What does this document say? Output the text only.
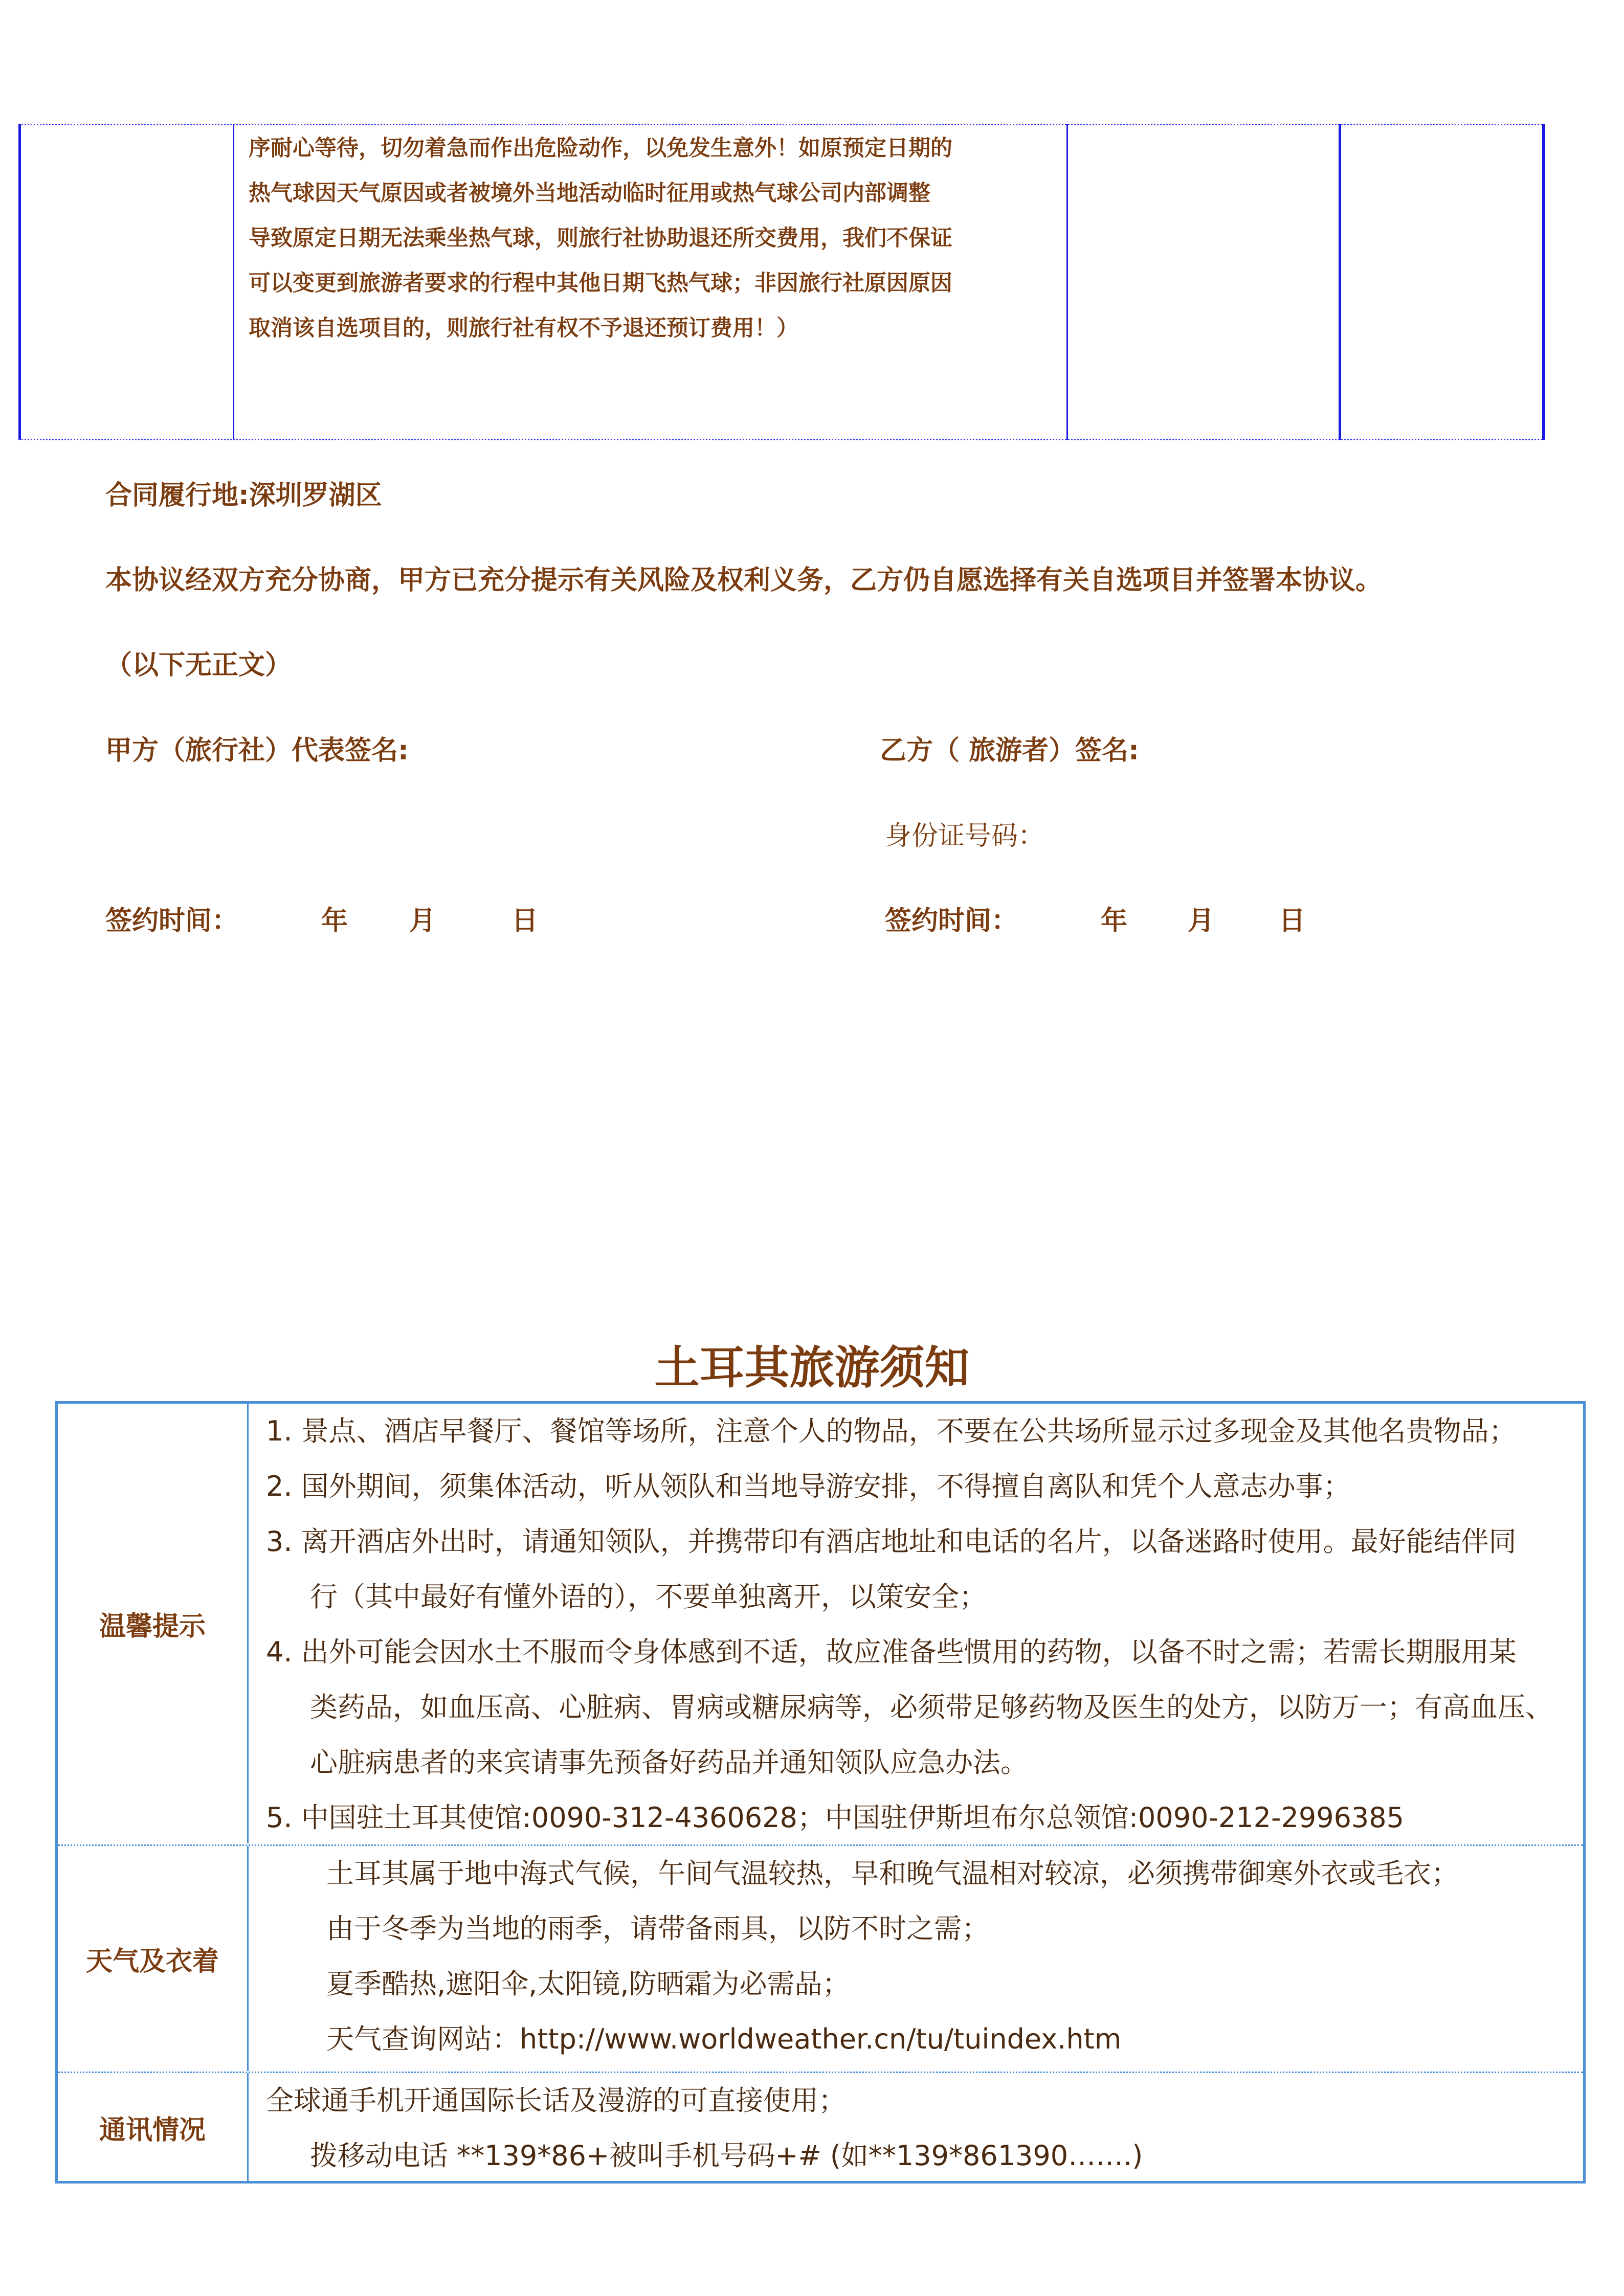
序耐心等待，切勿着急而作出危险动作，以免发生意外！如原预定日期的
热气球因天气原因或者被境外当地活动临时征用或热气球公司内部调整
导致原定日期无法乘坐热气球，则旅行社协助退还所交费用，我们不保证
可以变更到旅游者要求的行程中其他日期飞热气球；非因旅行社原因原因
取消该自选项目的，则旅行社有权不予退还预订费用！）
合同履行地:深圳罗湖区
本协议经双方充分协商，甲方已充分提示有关风险及权利义务，乙方仍自愿选择有关自选项目并签署本协议。
（以下无正文）
甲方（旅行社）代表签名:	乙方（ 旅游者）签名:
身份证号码：
签约时间：	年 月	日	签约时间：	年 月 日
土耳其旅游须知
温馨提示
1. 景点、酒店早餐厅、餐馆等场所，注意个人的物品，不要在公共场所显示过多现金及其他名贵物品；
2. 国外期间，须集体活动，听从领队和当地导游安排，不得擅自离队和凭个人意志办事；
3. 离开酒店外出时，请通知领队，并携带印有酒店地址和电话的名片，以备迷路时使用。最好能结伴同
行（其中最好有懂外语的），不要单独离开，以策安全；
4. 出外可能会因水土不服而令身体感到不适，故应准备些惯用的药物，以备不时之需；若需长期服用某
类药品，如血压高、心脏病、胃病或糖尿病等，必须带足够药物及医生的处方，以防万一；有高血压、
心脏病患者的来宾请事先预备好药品并通知领队应急办法。
5. 中国驻土耳其使馆:0090-312-4360628；中国驻伊斯坦布尔总领馆:0090-212-2996385
天气及衣着
土耳其属于地中海式气候，午间气温较热，早和晚气温相对较凉，必须携带御寒外衣或毛衣；
由于冬季为当地的雨季，请带备雨具，以防不时之需；
夏季酷热,遮阳伞,太阳镜,防晒霜为必需品；
天气查询网站：http://www.worldweather.cn/tu/tuindex.htm
通讯情况
全球通手机开通国际长话及漫游的可直接使用；
拨移动电话 **139*86+被叫手机号码+# (如**139*861390…….)
